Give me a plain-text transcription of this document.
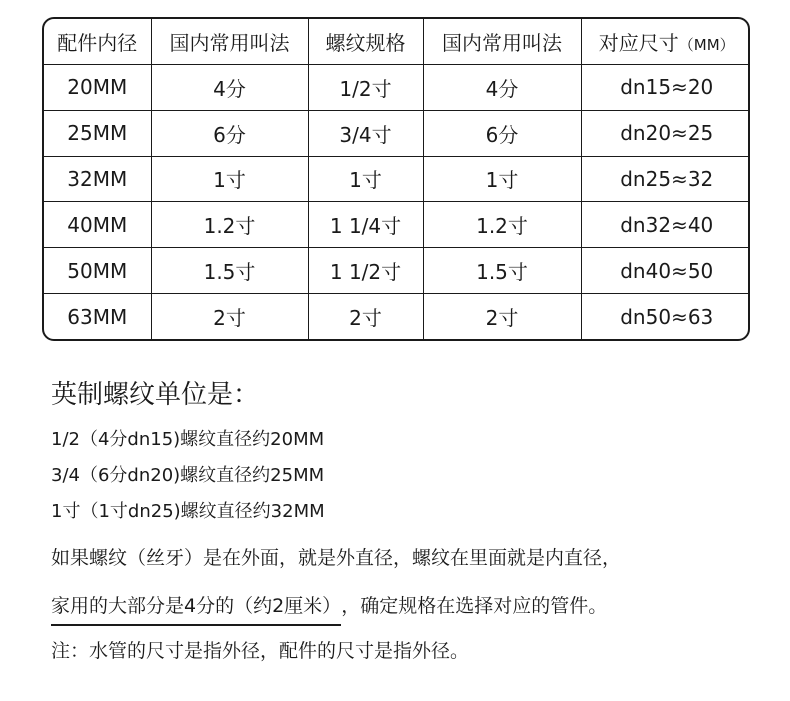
配件内径	国内常用叫法	螺纹规格	国内常用叫法	对应尺寸（MM）
20MM	4分	1/2寸	4分	dn15≈20
25MM	6分	3/4寸	6分	dn20≈25
32MM	1寸	1寸	1寸	dn25≈32
40MM	1.2寸	1 1/4寸	1.2寸	dn32≈40
50MM	1.5寸	1 1/2寸	1.5寸	dn40≈50
63MM	2寸	2寸	2寸	dn50≈63
英制螺纹单位是：
1/2（4分dn15)螺纹直径约20MM
3/4（6分dn20)螺纹直径约25MM
1寸（1寸dn25)螺纹直径约32MM
如果螺纹（丝牙）是在外面，就是外直径，螺纹在里面就是内直径，
家用的大部分是4分的（约2厘米），确定规格在选择对应的管件。
注：水管的尺寸是指外径，配件的尺寸是指外径。
